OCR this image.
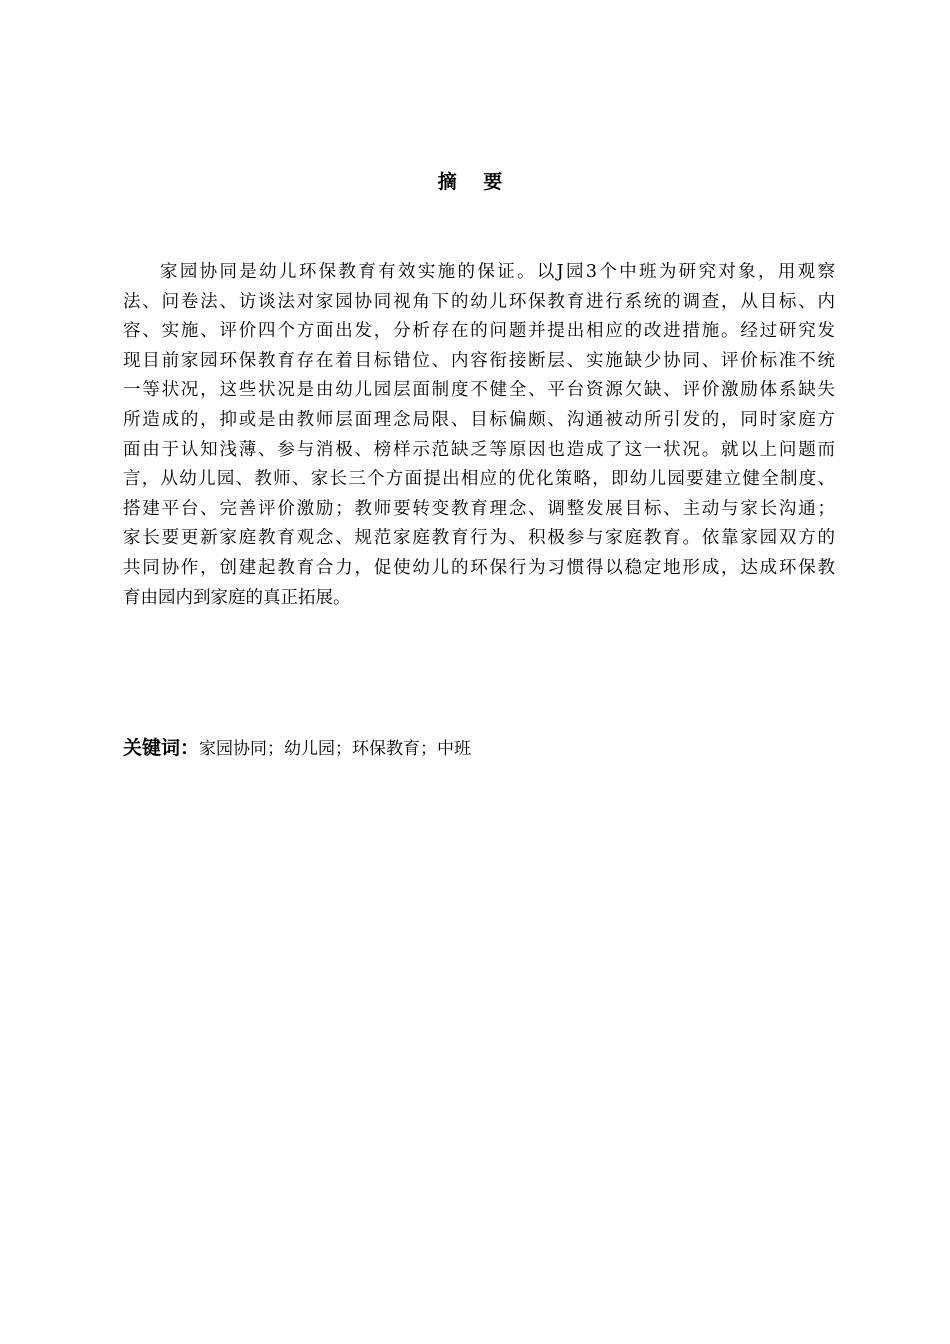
摘 要
家园协同是幼儿环保教育有效实施的保证。以J园3个中班为研究对象，用观察
法、问卷法、访谈法对家园协同视角下的幼儿环保教育进行系统的调查，从目标、内
容、实施、评价四个方面出发，分析存在的问题并提出相应的改进措施。经过研究发
现目前家园环保教育存在着目标错位、内容衔接断层、实施缺少协同、评价标准不统
一等状况，这些状况是由幼儿园层面制度不健全、平台资源欠缺、评价激励体系缺失
所造成的，抑或是由教师层面理念局限、目标偏颇、沟通被动所引发的，同时家庭方
面由于认知浅薄、参与消极、榜样示范缺乏等原因也造成了这一状况。就以上问题而
言，从幼儿园、教师、家长三个方面提出相应的优化策略，即幼儿园要建立健全制度、
搭建平台、完善评价激励；教师要转变教育理念、调整发展目标、主动与家长沟通；
家长要更新家庭教育观念、规范家庭教育行为、积极参与家庭教育。依靠家园双方的
共同协作，创建起教育合力，促使幼儿的环保行为习惯得以稳定地形成，达成环保教
育由园内到家庭的真正拓展。
关键词：家园协同；幼儿园；环保教育；中班
